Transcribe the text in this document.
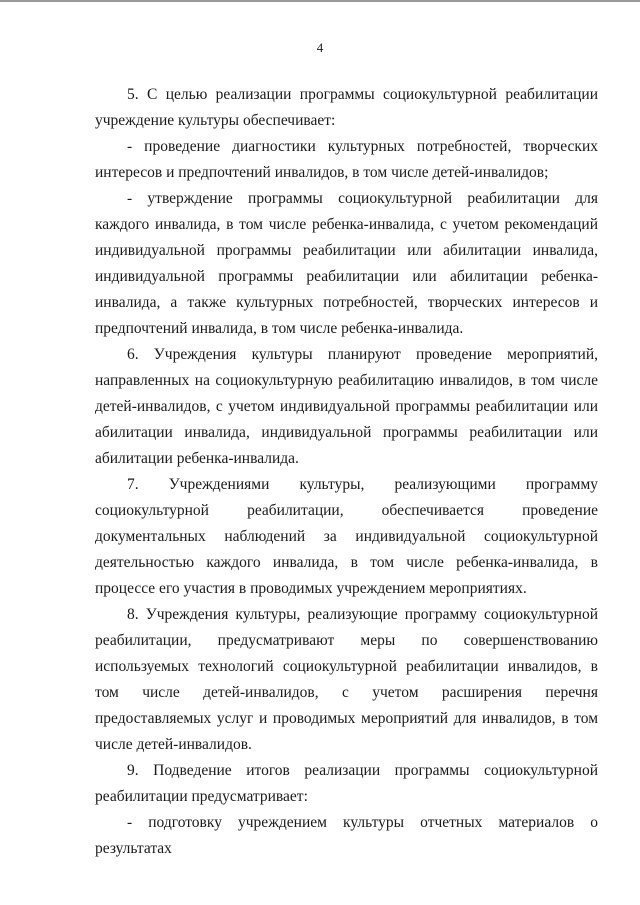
4

5. С целью реализации программы социокультурной реабилитации учреждение культуры обеспечивает:

- проведение диагностики культурных потребностей, творческих интересов и предпочтений инвалидов, в том числе детей-инвалидов;

- утверждение программы социокультурной реабилитации для каждого инвалида, в том числе ребенка-инвалида, с учетом рекомендаций индивидуальной программы реабилитации или абилитации инвалида, индивидуальной программы реабилитации или абилитации ребенка-инвалида, а также культурных потребностей, творческих интересов и предпочтений инвалида, в том числе ребенка-инвалида.

6. Учреждения культуры планируют проведение мероприятий, направленных на социокультурную реабилитацию инвалидов, в том числе детей-инвалидов, с учетом индивидуальной программы реабилитации или абилитации инвалида, индивидуальной программы реабилитации или абилитации ребенка-инвалида.

7. Учреждениями культуры, реализующими программу социокультурной реабилитации, обеспечивается проведение документальных наблюдений за индивидуальной социокультурной деятельностью каждого инвалида, в том числе ребенка-инвалида, в процессе его участия в проводимых учреждением мероприятиях.

8. Учреждения культуры, реализующие программу социокультурной реабилитации, предусматривают меры по совершенствованию используемых технологий социокультурной реабилитации инвалидов, в том числе детей-инвалидов, с учетом расширения перечня предоставляемых услуг и проводимых мероприятий для инвалидов, в том числе детей-инвалидов.

9. Подведение итогов реализации программы социокультурной реабилитации предусматривает:

- подготовку учреждением культуры отчетных материалов о результатах
